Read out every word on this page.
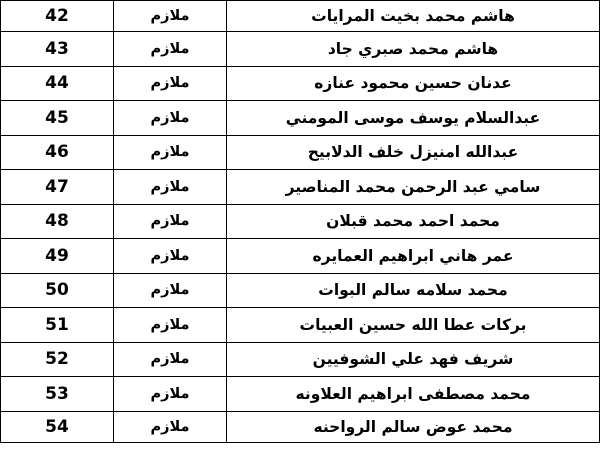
هاشم محمد بخيت المرايات	ملازم	42
هاشم محمد صبري جاد	ملازم	43
عدنان حسين محمود عنازه	ملازم	44
عبدالسلام يوسف موسى المومني	ملازم	45
عبدالله امنيزل خلف الدلابيح	ملازم	46
سامي عبد الرحمن محمد المناصير	ملازم	47
محمد احمد محمد قبلان	ملازم	48
عمر هاني ابراهيم العمايره	ملازم	49
محمد سلامه سالم البوات	ملازم	50
بركات عطا الله حسين العبيات	ملازم	51
شريف فهد علي الشوفيين	ملازم	52
محمد مصطفى ابراهيم العلاونه	ملازم	53
محمد عوض سالم الرواحنه	ملازم	54
